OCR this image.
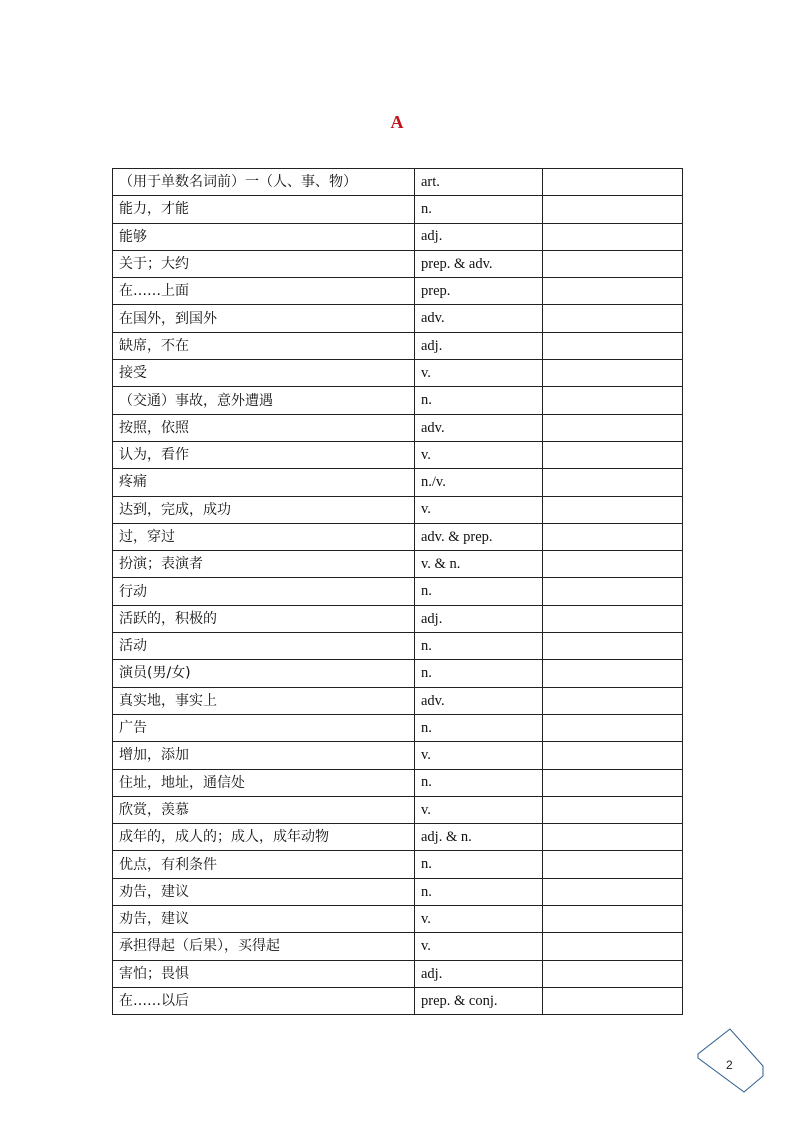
A
（用于单数名词前）一（人、事、物）	art.	
能力，才能	n.	
能够	adj.	
关于；大约	prep. & adv.	
在……上面	prep.	
在国外，到国外	adv.	
缺席，不在	adj.	
接受	v.	
（交通）事故，意外遭遇	n.	
按照，依照	adv.	
认为，看作	v.	
疼痛	n./v.	
达到，完成，成功	v.	
过，穿过	adv. & prep.	
扮演；表演者	v. & n.	
行动	n.	
活跃的，积极的	adj.	
活动	n.	
演员(男/女)	n.	
真实地，事实上	adv.	
广告	n.	
增加，添加	v.	
住址，地址，通信处	n.	
欣赏，羡慕	v.	
成年的，成人的；成人，成年动物	adj. & n.	
优点，有利条件	n.	
劝告，建议	n.	
劝告，建议	v.	
承担得起（后果），买得起	v.	
害怕；畏惧	adj.	
在……以后	prep. & conj.	
2
